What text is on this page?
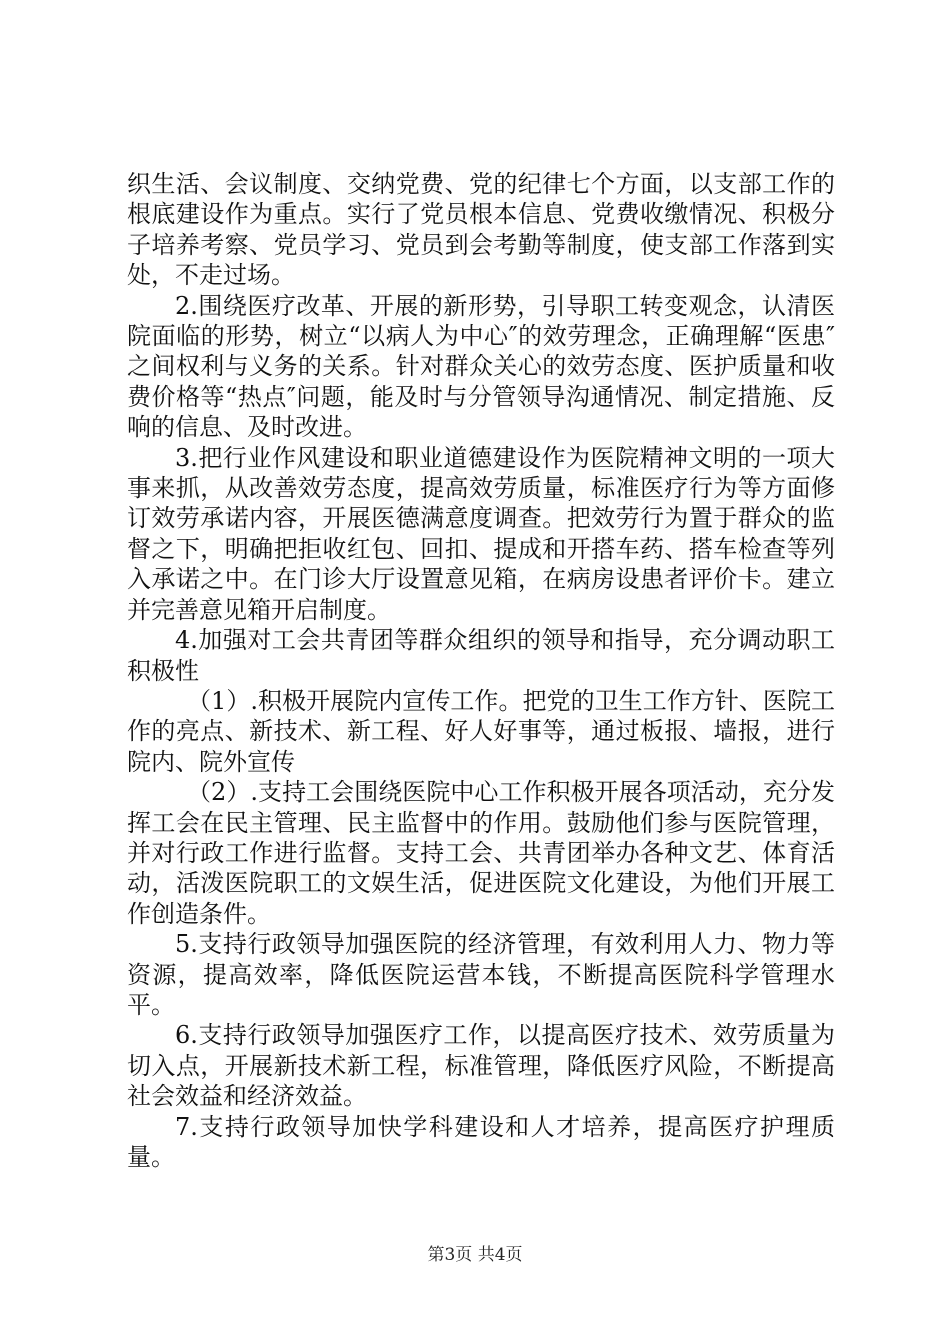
织生活、会议制度、交纳党费、党的纪律七个方面，以支部工作的根底建设作为重点。实行了党员根本信息、党费收缴情况、积极分子培养考察、党员学习、党员到会考勤等制度，使支部工作落到实处，不走过场。

2.围绕医疗改革、开展的新形势，引导职工转变观念，认清医院面临的形势，树立“以病人为中心″的效劳理念，正确理解“医患″之间权利与义务的关系。针对群众关心的效劳态度、医护质量和收费价格等“热点″问题，能及时与分管领导沟通情况、制定措施、反响的信息、及时改进。

3.把行业作风建设和职业道德建设作为医院精神文明的一项大事来抓，从改善效劳态度，提高效劳质量，标准医疗行为等方面修订效劳承诺内容，开展医德满意度调查。把效劳行为置于群众的监督之下，明确把拒收红包、回扣、提成和开搭车药、搭车检查等列入承诺之中。在门诊大厅设置意见箱，在病房设患者评价卡。建立并完善意见箱开启制度。

4.加强对工会共青团等群众组织的领导和指导，充分调动职工积极性

（1）.积极开展院内宣传工作。把党的卫生工作方针、医院工作的亮点、新技术、新工程、好人好事等，通过板报、墙报，进行院内、院外宣传

（2）.支持工会围绕医院中心工作积极开展各项活动，充分发挥工会在民主管理、民主监督中的作用。鼓励他们参与医院管理，并对行政工作进行监督。支持工会、共青团举办各种文艺、体育活动，活泼医院职工的文娱生活，促进医院文化建设，为他们开展工作创造条件。

5.支持行政领导加强医院的经济管理，有效利用人力、物力等资源，提高效率，降低医院运营本钱，不断提高医院科学管理水平。

6.支持行政领导加强医疗工作，以提高医疗技术、效劳质量为切入点，开展新技术新工程，标准管理，降低医疗风险，不断提高社会效益和经济效益。

7.支持行政领导加快学科建设和人才培养，提高医疗护理质量。

第3页 共4页
